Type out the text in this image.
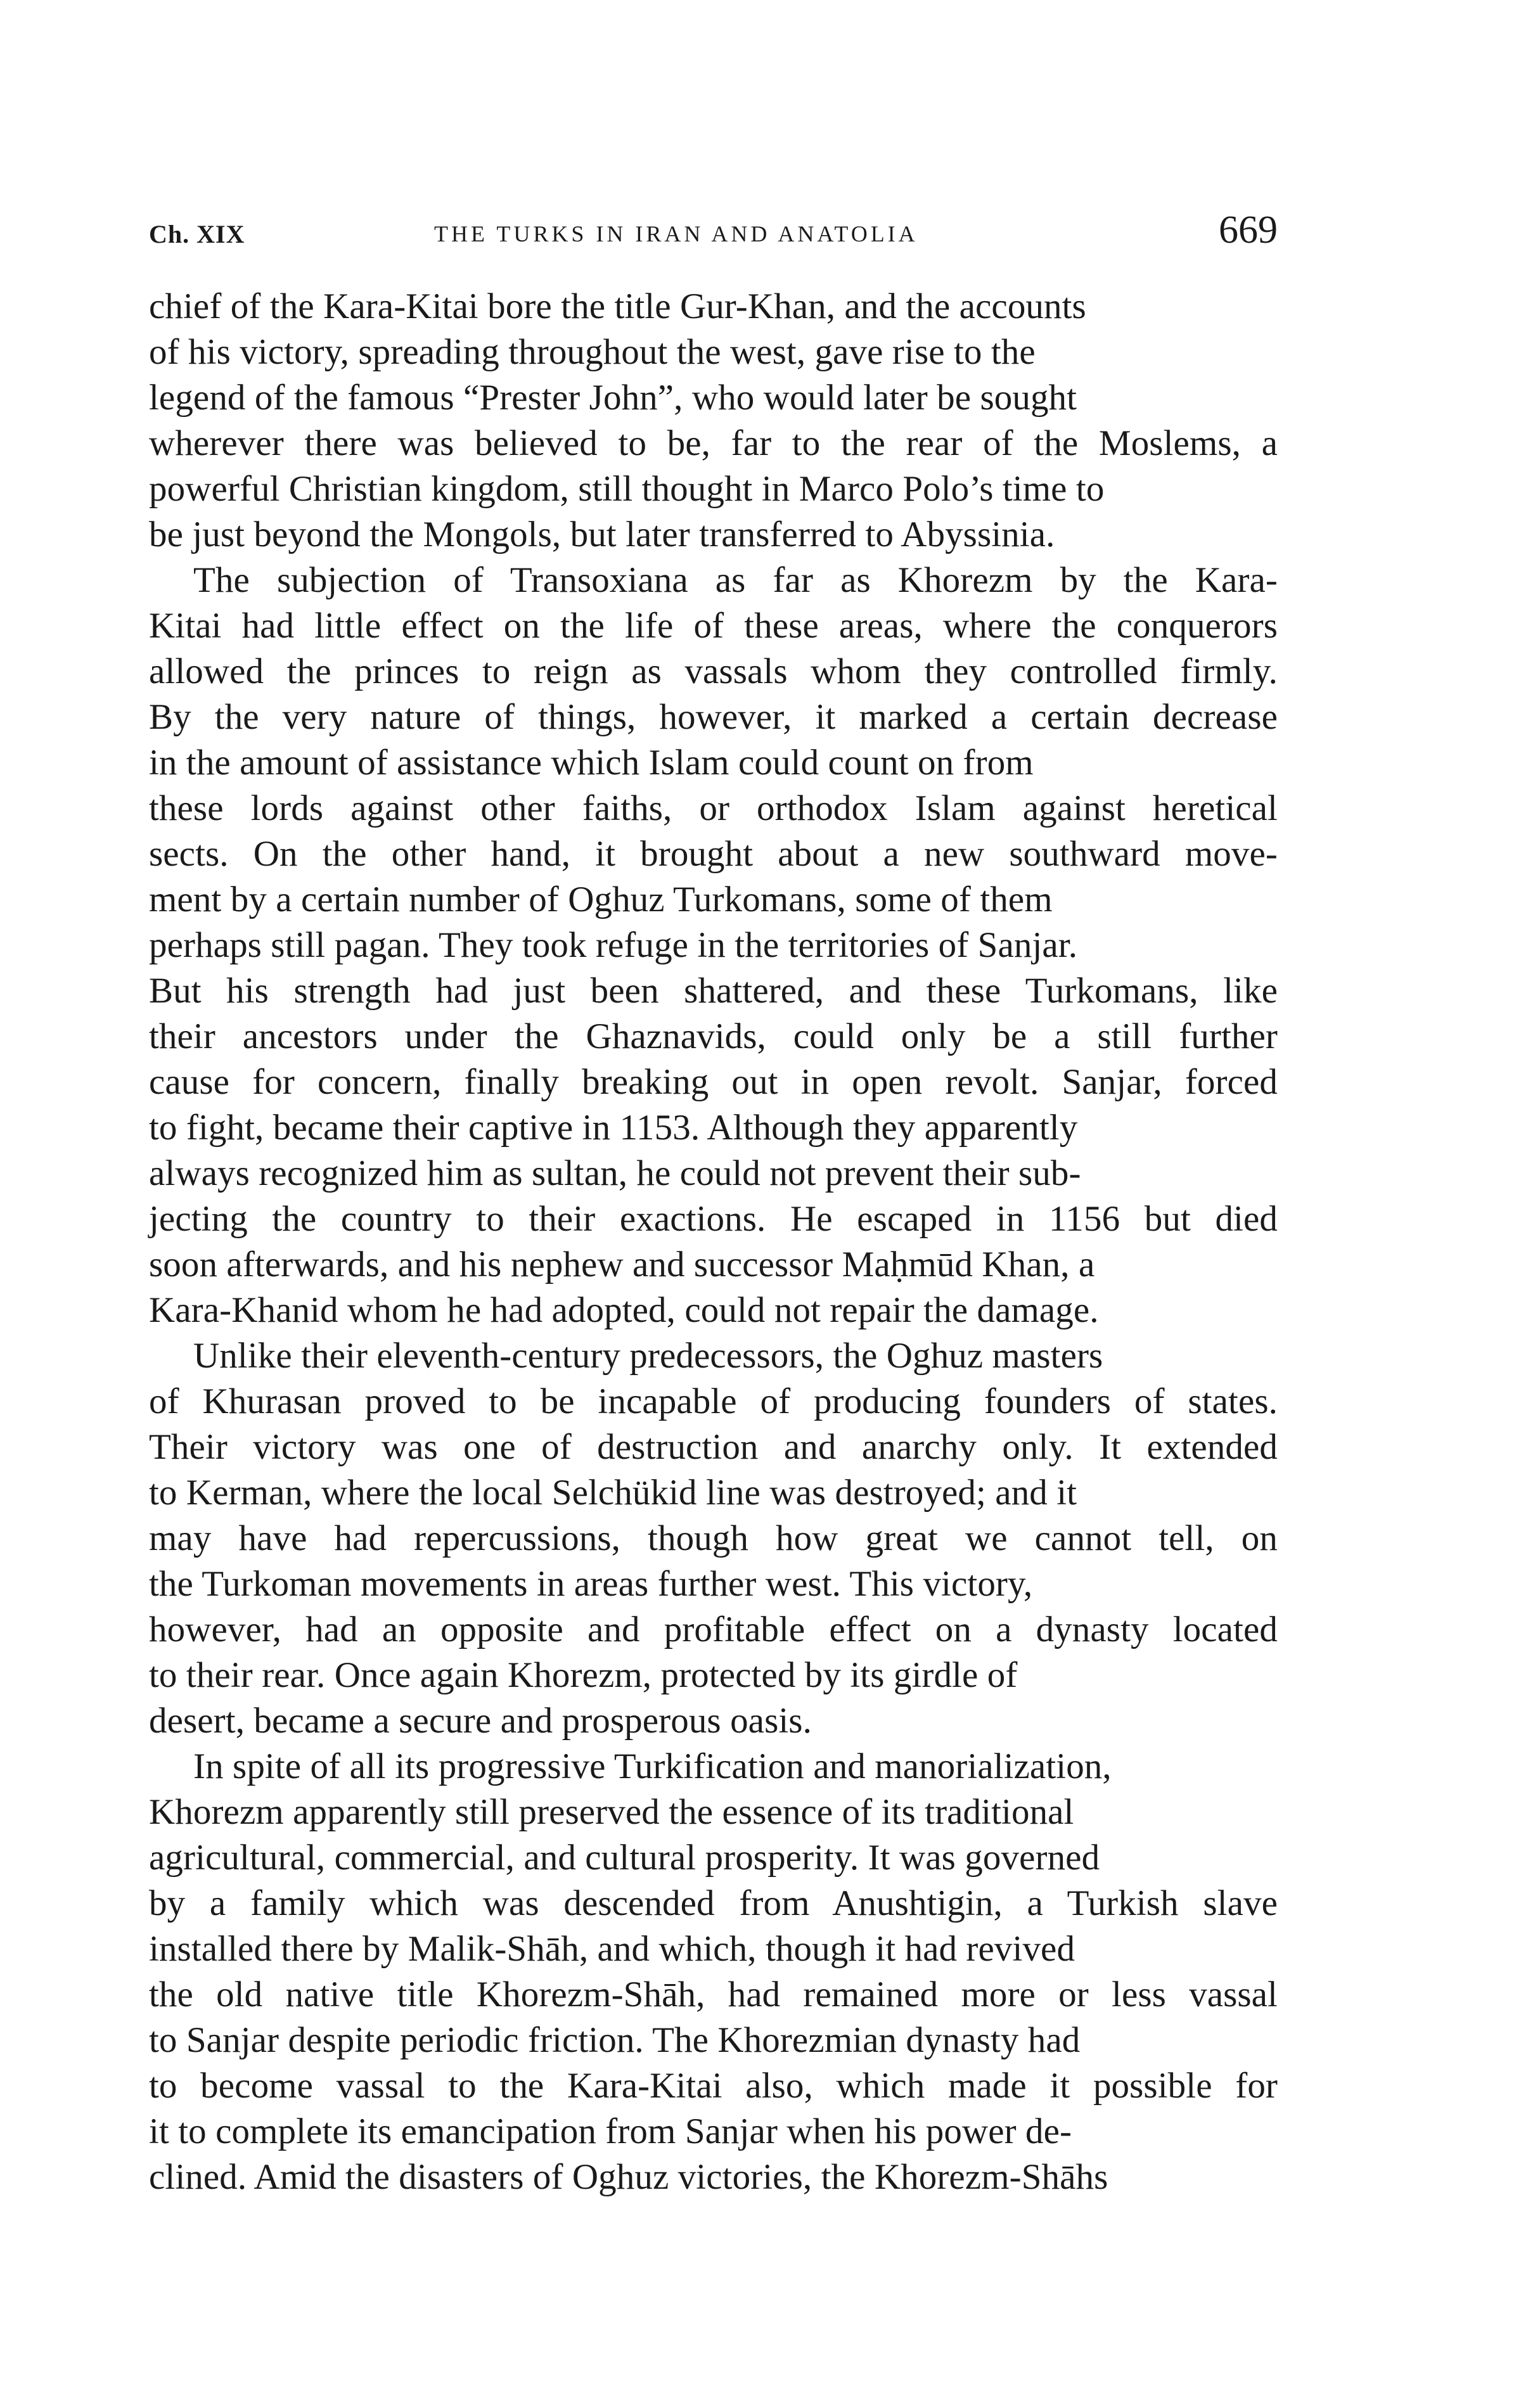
Ch. XIX	THE TURKS IN IRAN AND ANATOLIA	669
chief of the Kara-Kitai bore the title Gur-Khan, and the accounts
of his victory, spreading throughout the west, gave rise to the
legend of the famous “Prester John”, who would later be sought
wherever there was believed to be, far to the rear of the Moslems, a
powerful Christian kingdom, still thought in Marco Polo’s time to
be just beyond the Mongols, but later transferred to Abyssinia.
The subjection of Transoxiana as far as Khorezm by the Kara-
Kitai had little effect on the life of these areas, where the conquerors
allowed the princes to reign as vassals whom they controlled firmly.
By the very nature of things, however, it marked a certain decrease
in the amount of assistance which Islam could count on from
these lords against other faiths, or orthodox Islam against heretical
sects. On the other hand, it brought about a new southward move-
ment by a certain number of Oghuz Turkomans, some of them
perhaps still pagan. They took refuge in the territories of Sanjar.
But his strength had just been shattered, and these Turkomans, like
their ancestors under the Ghaznavids, could only be a still further
cause for concern, finally breaking out in open revolt. Sanjar, forced
to fight, became their captive in 1153. Although they apparently
always recognized him as sultan, he could not prevent their sub-
jecting the country to their exactions. He escaped in 1156 but died
soon afterwards, and his nephew and successor Maḥmūd Khan, a
Kara-Khanid whom he had adopted, could not repair the damage.
Unlike their eleventh-century predecessors, the Oghuz masters
of Khurasan proved to be incapable of producing founders of states.
Their victory was one of destruction and anarchy only. It extended
to Kerman, where the local Selchükid line was destroyed; and it
may have had repercussions, though how great we cannot tell, on
the Turkoman movements in areas further west. This victory,
however, had an opposite and profitable effect on a dynasty located
to their rear. Once again Khorezm, protected by its girdle of
desert, became a secure and prosperous oasis.
In spite of all its progressive Turkification and manorialization,
Khorezm apparently still preserved the essence of its traditional
agricultural, commercial, and cultural prosperity. It was governed
by a family which was descended from Anushtigin, a Turkish slave
installed there by Malik-Shāh, and which, though it had revived
the old native title Khorezm-Shāh, had remained more or less vassal
to Sanjar despite periodic friction. The Khorezmian dynasty had
to become vassal to the Kara-Kitai also, which made it possible for
it to complete its emancipation from Sanjar when his power de-
clined. Amid the disasters of Oghuz victories, the Khorezm-Shāhs
